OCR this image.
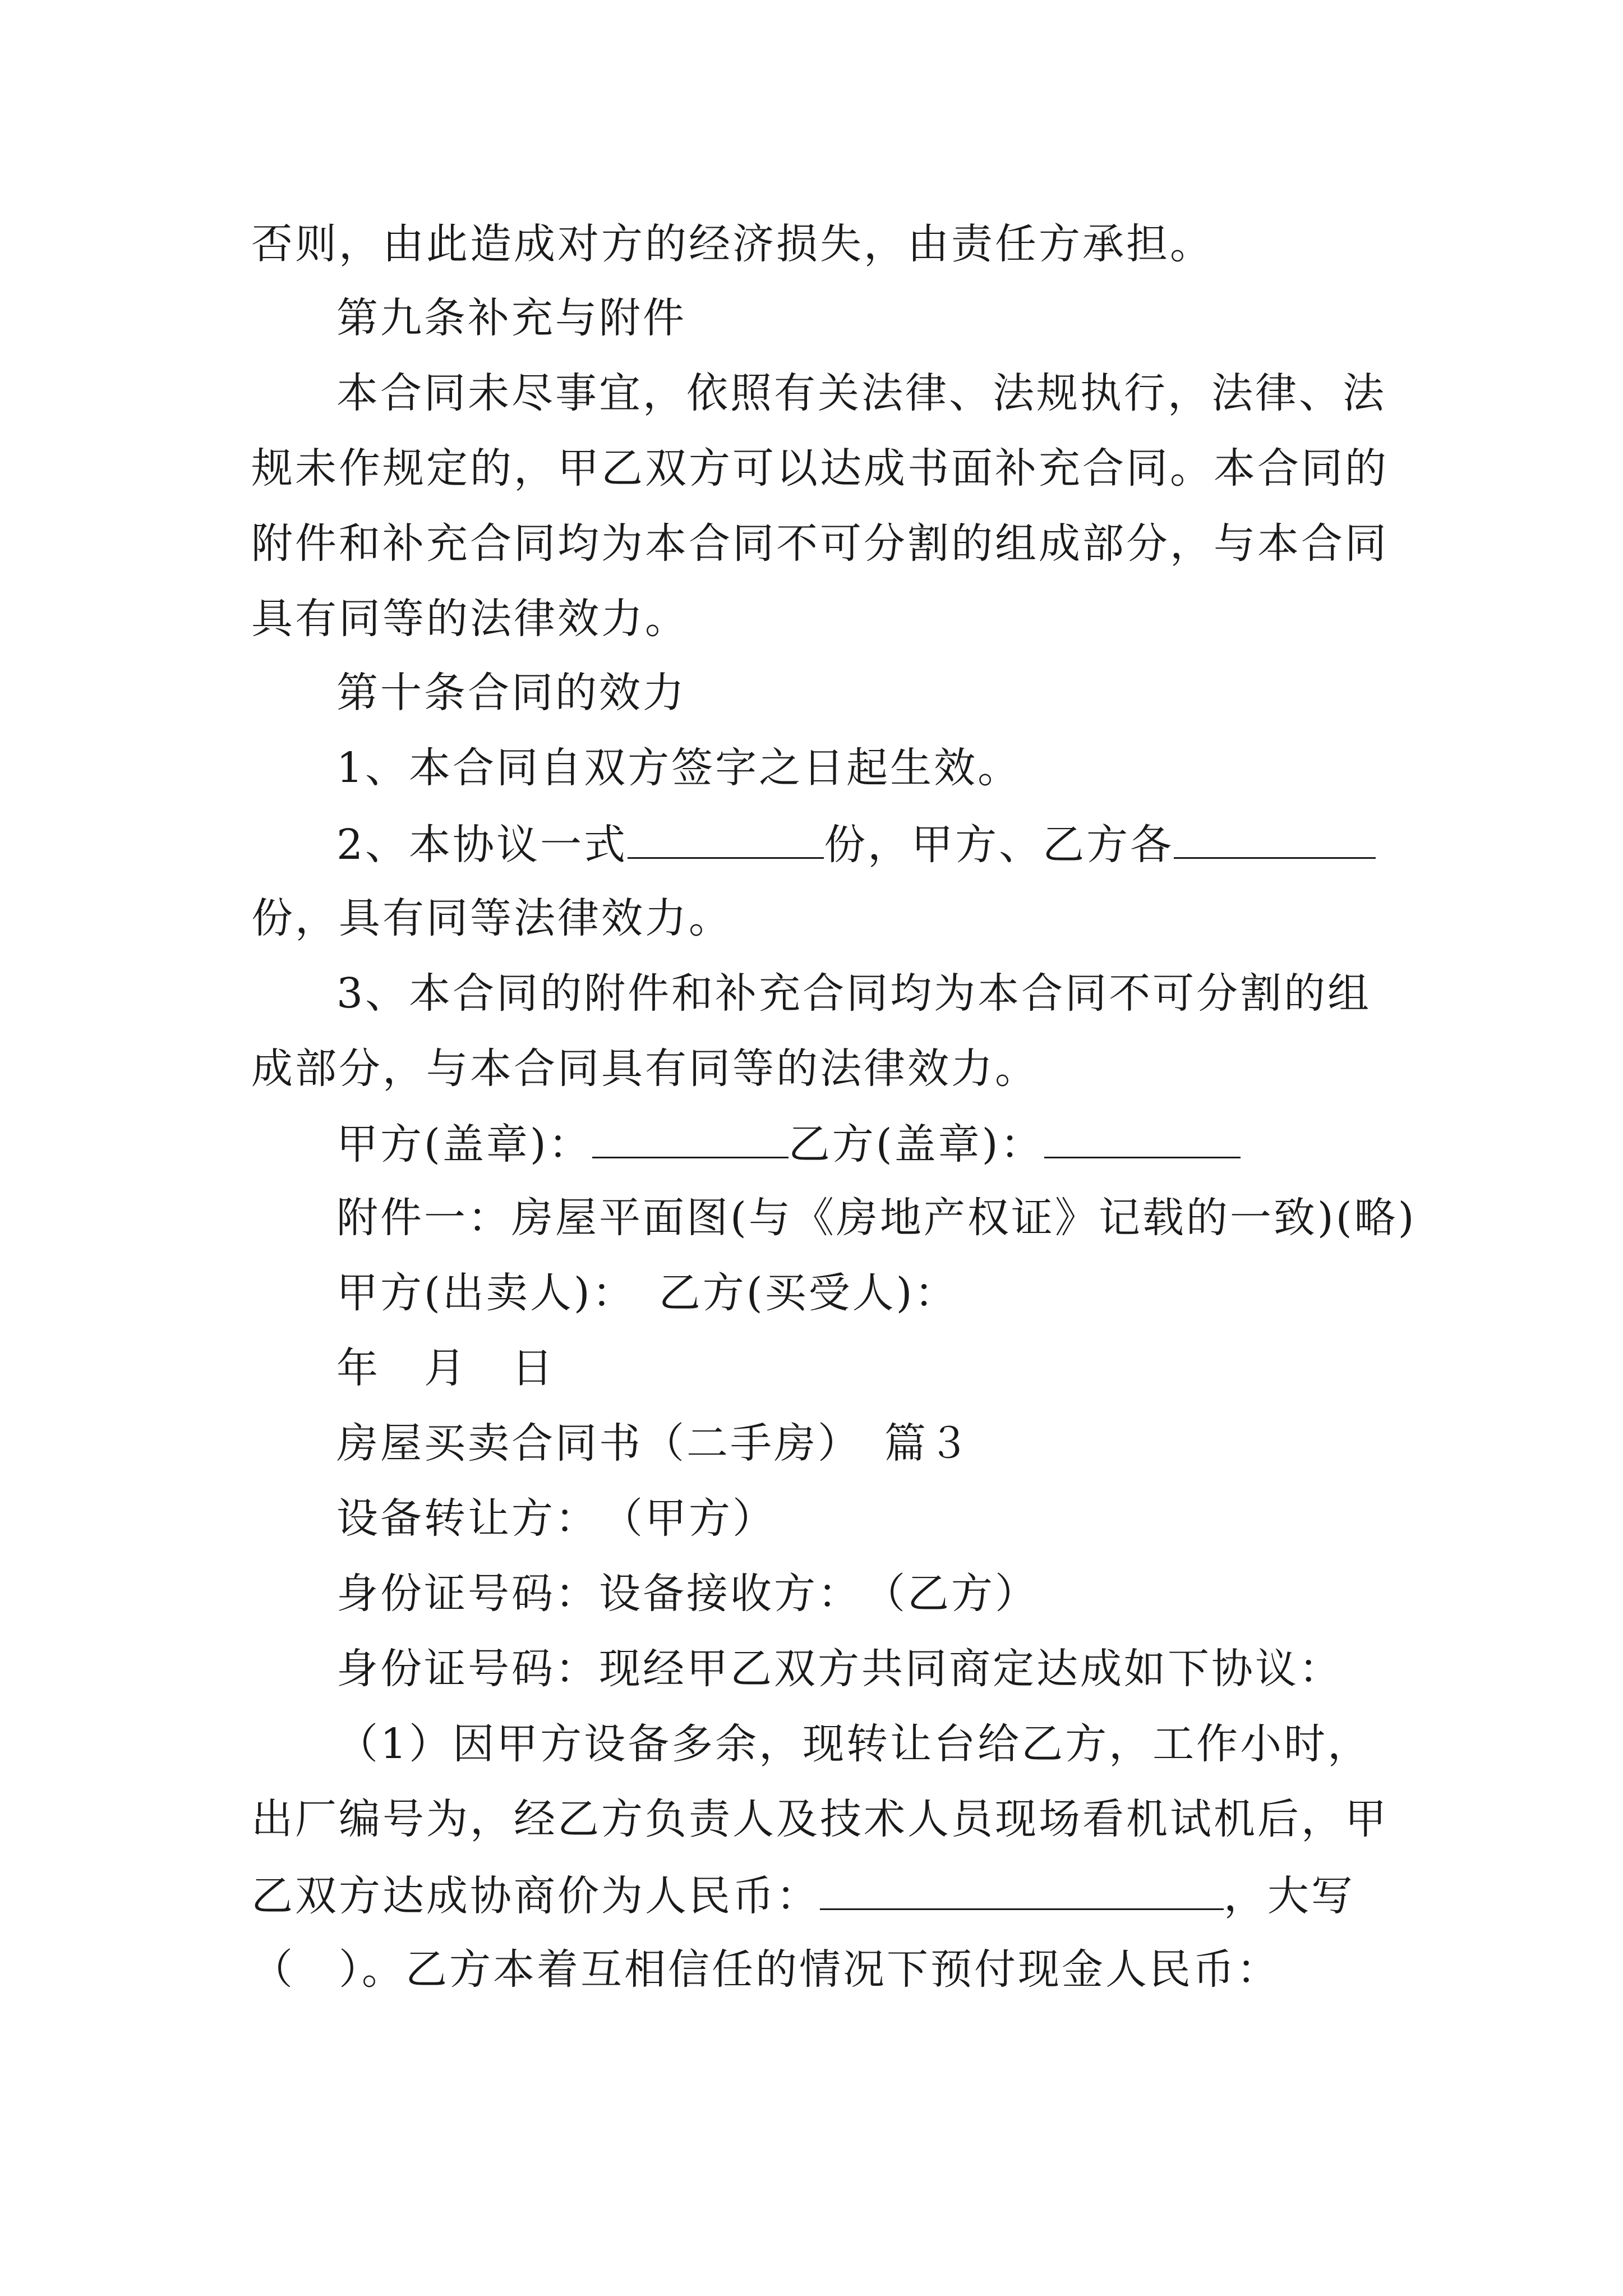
否则，由此造成对方的经济损失，由责任方承担。
第九条补充与附件
本合同未尽事宜，依照有关法律、法规执行，法律、法
规未作规定的，甲乙双方可以达成书面补充合同。本合同的
附件和补充合同均为本合同不可分割的组成部分，与本合同
具有同等的法律效力。
第十条合同的效力
1、本合同自双方签字之日起生效。
2、本协议一式	份，甲方、乙方各
份，具有同等法律效力。
3、本合同的附件和补充合同均为本合同不可分割的组
成部分，与本合同具有同等的法律效力。
甲方(盖章)：	乙方(盖章)：
附件一：房屋平面图(与《房地产权证》记载的一致)(略)
甲方(出卖人)：　乙方(买受人)：
年　月　日
房屋买卖合同书（二手房）　篇３
设备转让方：　（甲方）
身份证号码：设备接收方：　（乙方）
身份证号码：现经甲乙双方共同商定达成如下协议：
（1）因甲方设备多余，现转让台给乙方，工作小时，
出厂编号为，经乙方负责人及技术人员现场看机试机后，甲
乙双方达成协商价为人民币：	，大写
（　）。乙方本着互相信任的情况下预付现金人民币：
